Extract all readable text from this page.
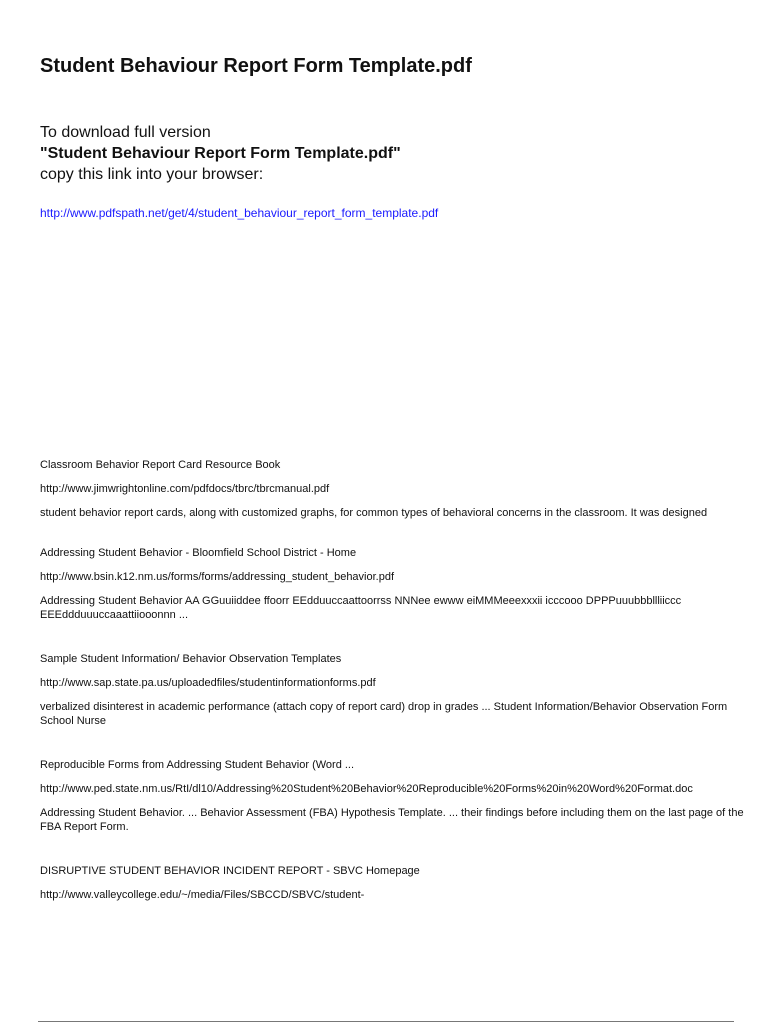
Student Behaviour Report Form Template.pdf
To download full version
"Student Behaviour Report Form Template.pdf"
copy this link into your browser:
http://www.pdfspath.net/get/4/student_behaviour_report_form_template.pdf
Classroom Behavior Report Card Resource Book
http://www.jimwrightonline.com/pdfdocs/tbrc/tbrcmanual.pdf
student behavior report cards, along with customized graphs, for common types of behavioral concerns in the classroom. It was designed
Addressing Student Behavior - Bloomfield School District - Home
http://www.bsin.k12.nm.us/forms/forms/addressing_student_behavior.pdf
Addressing Student Behavior AA GGuuiiddee ffoorr EEdduuccaattoorrss NNNee ewww eiMMMeeexxxii icccooo DPPPuuubbbllliiccc EEEddduuuccaaattiiooonnn ...
Sample Student Information/ Behavior Observation Templates
http://www.sap.state.pa.us/uploadedfiles/studentinformationforms.pdf
verbalized disinterest in academic performance (attach copy of report card) drop in grades ... Student Information/Behavior Observation Form School Nurse
Reproducible Forms from Addressing Student Behavior (Word ...
http://www.ped.state.nm.us/RtI/dl10/Addressing%20Student%20Behavior%20Reproducible%20Forms%20in%20Word%20Format.doc
Addressing Student Behavior. ... Behavior Assessment (FBA) Hypothesis Template. ... their findings before including them on the last page of the FBA Report Form.
DISRUPTIVE STUDENT BEHAVIOR INCIDENT REPORT - SBVC Homepage
http://www.valleycollege.edu/~/media/Files/SBCCD/SBVC/student-
